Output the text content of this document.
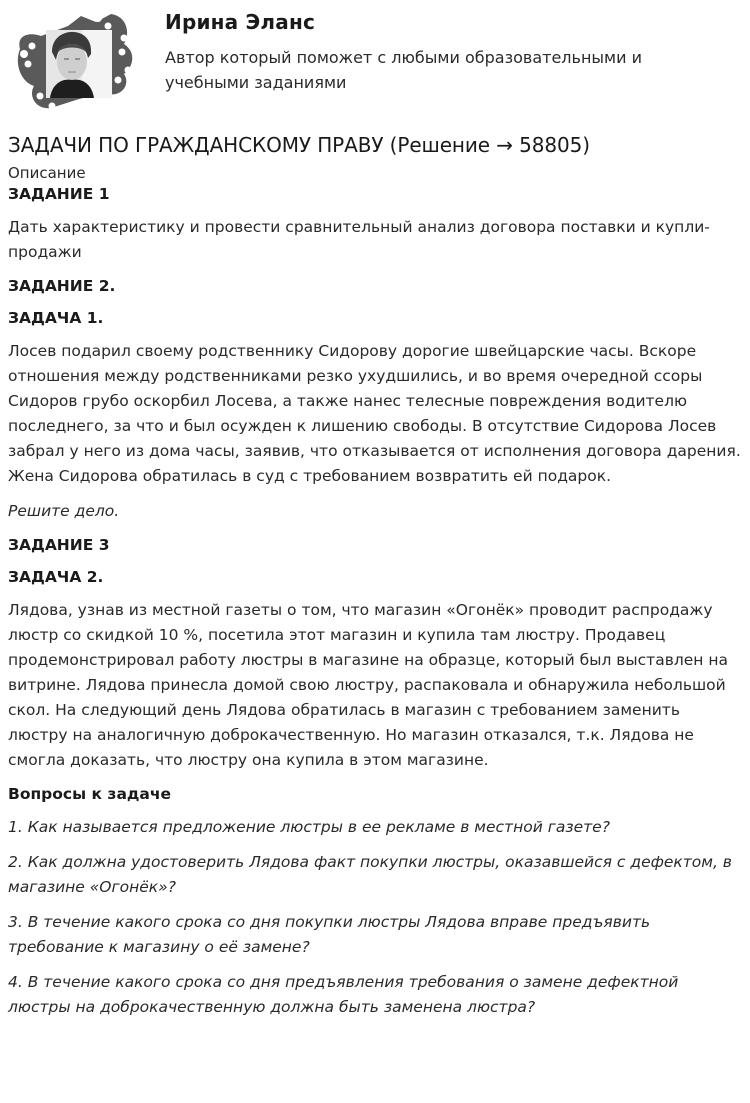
Ирина Эланс
Автор который поможет с любыми образовательными и учебными заданиями
ЗАДАЧИ ПО ГРАЖДАНСКОМУ ПРАВУ (Решение → 58805)
Описание
ЗАДАНИЕ 1

Дать характеристику и провести сравнительный анализ договора поставки и купли-продажи

ЗАДАНИЕ 2.
ЗАДАЧА 1.

Лосев подарил своему родственнику Сидорову дорогие швейцарские часы. Вскоре отношения между родственниками резко ухудшились, и во время очередной ссоры Сидоров грубо оскорбил Лосева, а также нанес телесные повреждения водителю последнего, за что и был осужден к лишению свободы. В отсутствие Сидорова Лосев забрал у него из дома часы, заявив, что отказывается от исполнения договора дарения. Жена Сидорова обратилась в суд с требованием возвратить ей подарок.

Решите дело.

ЗАДАНИЕ 3
ЗАДАЧА 2.

Лядова, узнав из местной газеты о том, что магазин «Огонёк» проводит распродажу люстр со скидкой 10 %, посетила этот магазин и купила там люстру. Продавец продемонстрировал работу люстры в магазине на образце, который был выставлен на витрине. Лядова принесла домой свою люстру, распаковала и обнаружила небольшой скол. На следующий день Лядова обратилась в магазин с требованием заменить люстру на аналогичную доброкачественную. Но магазин отказался, т.к. Лядова не смогла доказать, что люстру она купила в этом магазине.

Вопросы к задаче

1. Как называется предложение люстры в ее рекламе в местной газете?

2. Как должна удостоверить Лядова факт покупки люстры, оказавшейся с дефектом, в магазине «Огонёк»?

3. В течение какого срока со дня покупки люстры Лядова вправе предъявить требование к магазину о её замене?

4. В течение какого срока со дня предъявления требования о замене дефектной люстры на доброкачественную должна быть заменена люстра?
